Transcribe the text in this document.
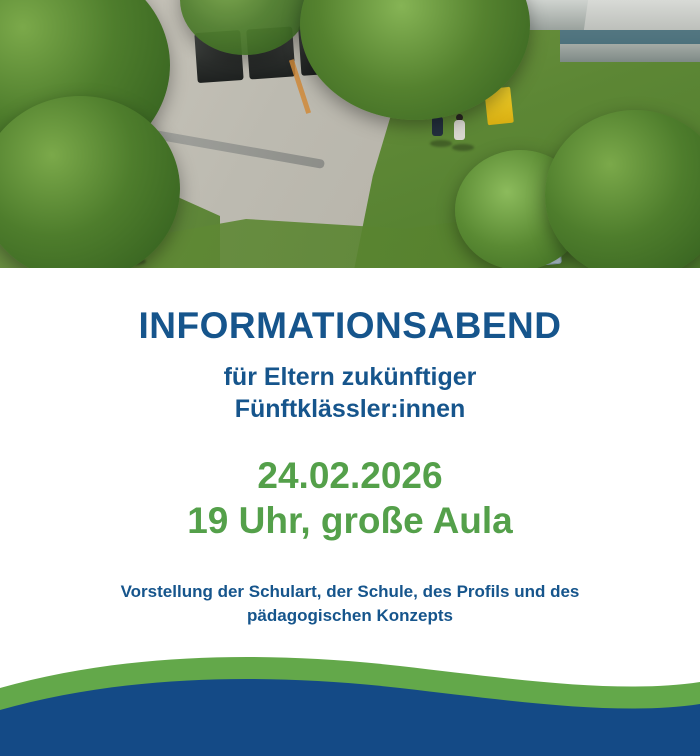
INFORMATIONSABEND
für Eltern zukünftiger
Fünftklässler:innen
24.02.2026
19 Uhr, große Aula
Vorstellung der Schulart, der Schule, des Profils und des
pädagogischen Konzepts
